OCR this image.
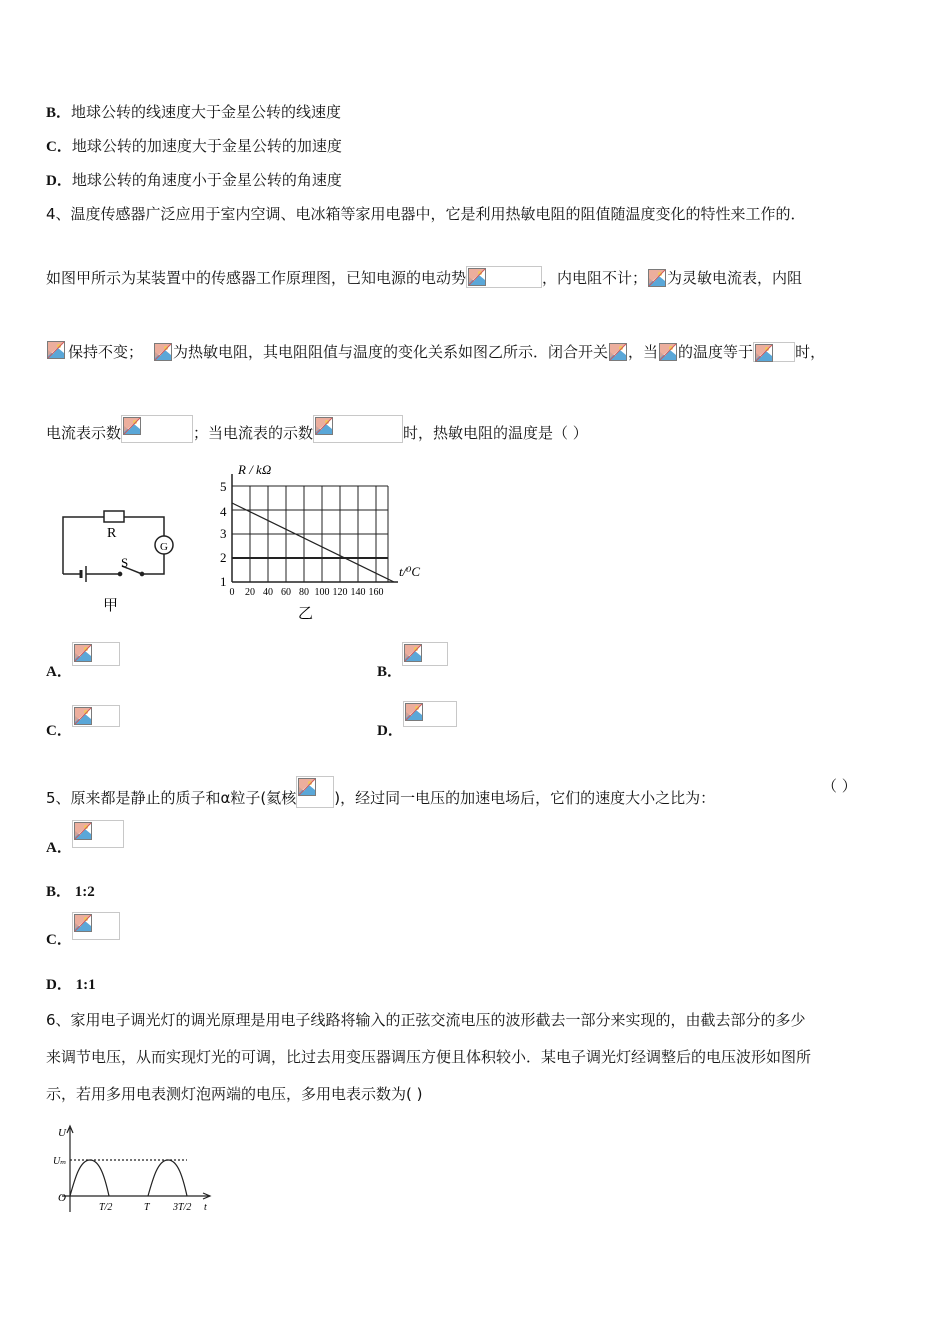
B．地球公转的线速度大于金星公转的线速度
C．地球公转的加速度大于金星公转的加速度
D．地球公转的角速度小于金星公转的角速度
4、温度传感器广泛应用于室内空调、电冰箱等家用电器中，它是利用热敏电阻的阻值随温度变化的特性来工作的．
如图甲所示为某装置中的传感器工作原理图，已知电源的电动势	，内电阻不计； 为灵敏电流表，内阻
保持不变； 为热敏电阻，其电阻阻值与温度的变化关系如图乙所示．闭合开关 ，当 的温度等于	时，
电流表示数	；当电流表的示数	时，热敏电阻的温度是（ ）
R
G
S
甲
R / kΩ
t/⁰C
1
2
3
4
5
0 20 40 60 80 100 120 140 160
乙
A．	B．
C．	D．
5、原来都是静止的质子和α粒子(氦核	)，经过同一电压的加速电场后，它们的速度大小之比为：
（ ）
A．
B． 1:2
C．
D． 1:1
6、家用电子调光灯的调光原理是用电子线路将输入的正弦交流电压的波形截去一部分来实现的，由截去部分的多少
来调节电压，从而实现灯光的可调，比过去用变压器调压方便且体积较小．某电子调光灯经调整后的电压波形如图所
示，若用多用电表测灯泡两端的电压，多用电表示数为( )
U
Uₘ
O
T/2	T 3T/2 t
